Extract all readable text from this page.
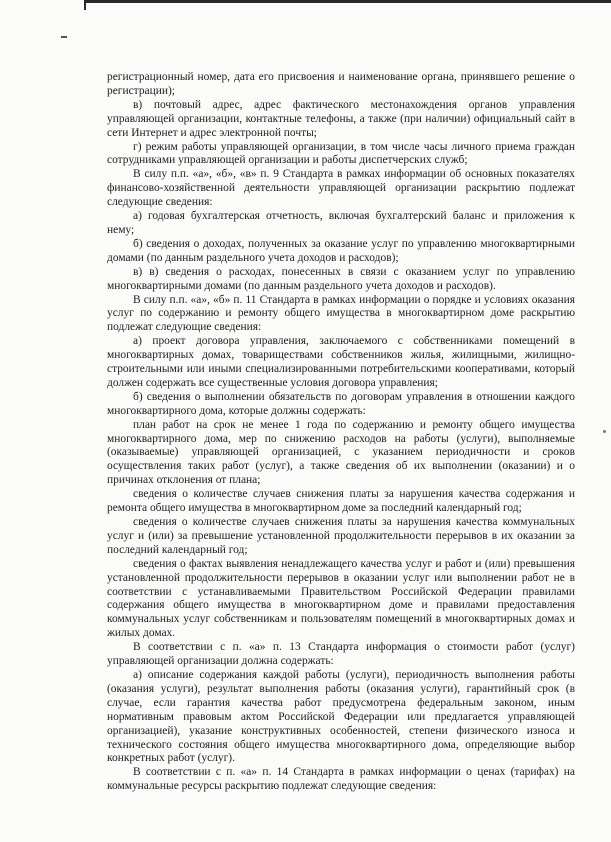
регистрационный номер, дата его присвоения и наименование органа, принявшего решение о регистрации);

в) почтовый адрес, адрес фактического местонахождения органов управления управляющей организации, контактные телефоны, а также (при наличии) официальный сайт в сети Интернет и адрес электронной почты;

г) режим работы управляющей организации, в том числе часы личного приема граждан сотрудниками управляющей организации и работы диспетчерских служб;

В силу п.п. «а», «б», «в» п. 9 Стандарта в рамках информации об основных показателях финансово-хозяйственной деятельности управляющей организации раскрытию подлежат следующие сведения:

а) годовая бухгалтерская отчетность, включая бухгалтерский баланс и приложения к нему;

б) сведения о доходах, полученных за оказание услуг по управлению многоквартирными домами (по данным раздельного учета доходов и расходов);

в) в) сведения о расходах, понесенных в связи с оказанием услуг по управлению многоквартирными домами (по данным раздельного учета доходов и расходов).

В силу п.п. «а», «б» п. 11 Стандарта в рамках информации о порядке и условиях оказания услуг по содержанию и ремонту общего имущества в многоквартирном доме раскрытию подлежат следующие сведения:

а) проект договора управления, заключаемого с собственниками помещений в многоквартирных домах, товариществами собственников жилья, жилищными, жилищно-строительными или иными специализированными потребительскими кооперативами, который должен содержать все существенные условия договора управления;

б) сведения о выполнении обязательств по договорам управления в отношении каждого многоквартирного дома, которые должны содержать:

план работ на срок не менее 1 года по содержанию и ремонту общего имущества многоквартирного дома, мер по снижению расходов на работы (услуги), выполняемые (оказываемые) управляющей организацией, с указанием периодичности и сроков осуществления таких работ (услуг), а также сведения об их выполнении (оказании) и о причинах отклонения от плана;

сведения о количестве случаев снижения платы за нарушения качества содержания и ремонта общего имущества в многоквартирном доме за последний календарный год;

сведения о количестве случаев снижения платы за нарушения качества коммунальных услуг и (или) за превышение установленной продолжительности перерывов в их оказании за последний календарный год;

сведения о фактах выявления ненадлежащего качества услуг и работ и (или) превышения установленной продолжительности перерывов в оказании услуг или выполнении работ не в соответствии с устанавливаемыми Правительством Российской Федерации правилами содержания общего имущества в многоквартирном доме и правилами предоставления коммунальных услуг собственникам и пользователям помещений в многоквартирных домах и жилых домах.

В соответствии с п. «а» п. 13 Стандарта информация о стоимости работ (услуг) управляющей организации должна содержать:

а) описание содержания каждой работы (услуги), периодичность выполнения работы (оказания услуги), результат выполнения работы (оказания услуги), гарантийный срок (в случае, если гарантия качества работ предусмотрена федеральным законом, иным нормативным правовым актом Российской Федерации или предлагается управляющей организацией), указание конструктивных особенностей, степени физического износа и технического состояния общего имущества многоквартирного дома, определяющие выбор конкретных работ (услуг).

В соответствии с п. «а» п. 14 Стандарта в рамках информации о ценах (тарифах) на коммунальные ресурсы раскрытию подлежат следующие сведения:
